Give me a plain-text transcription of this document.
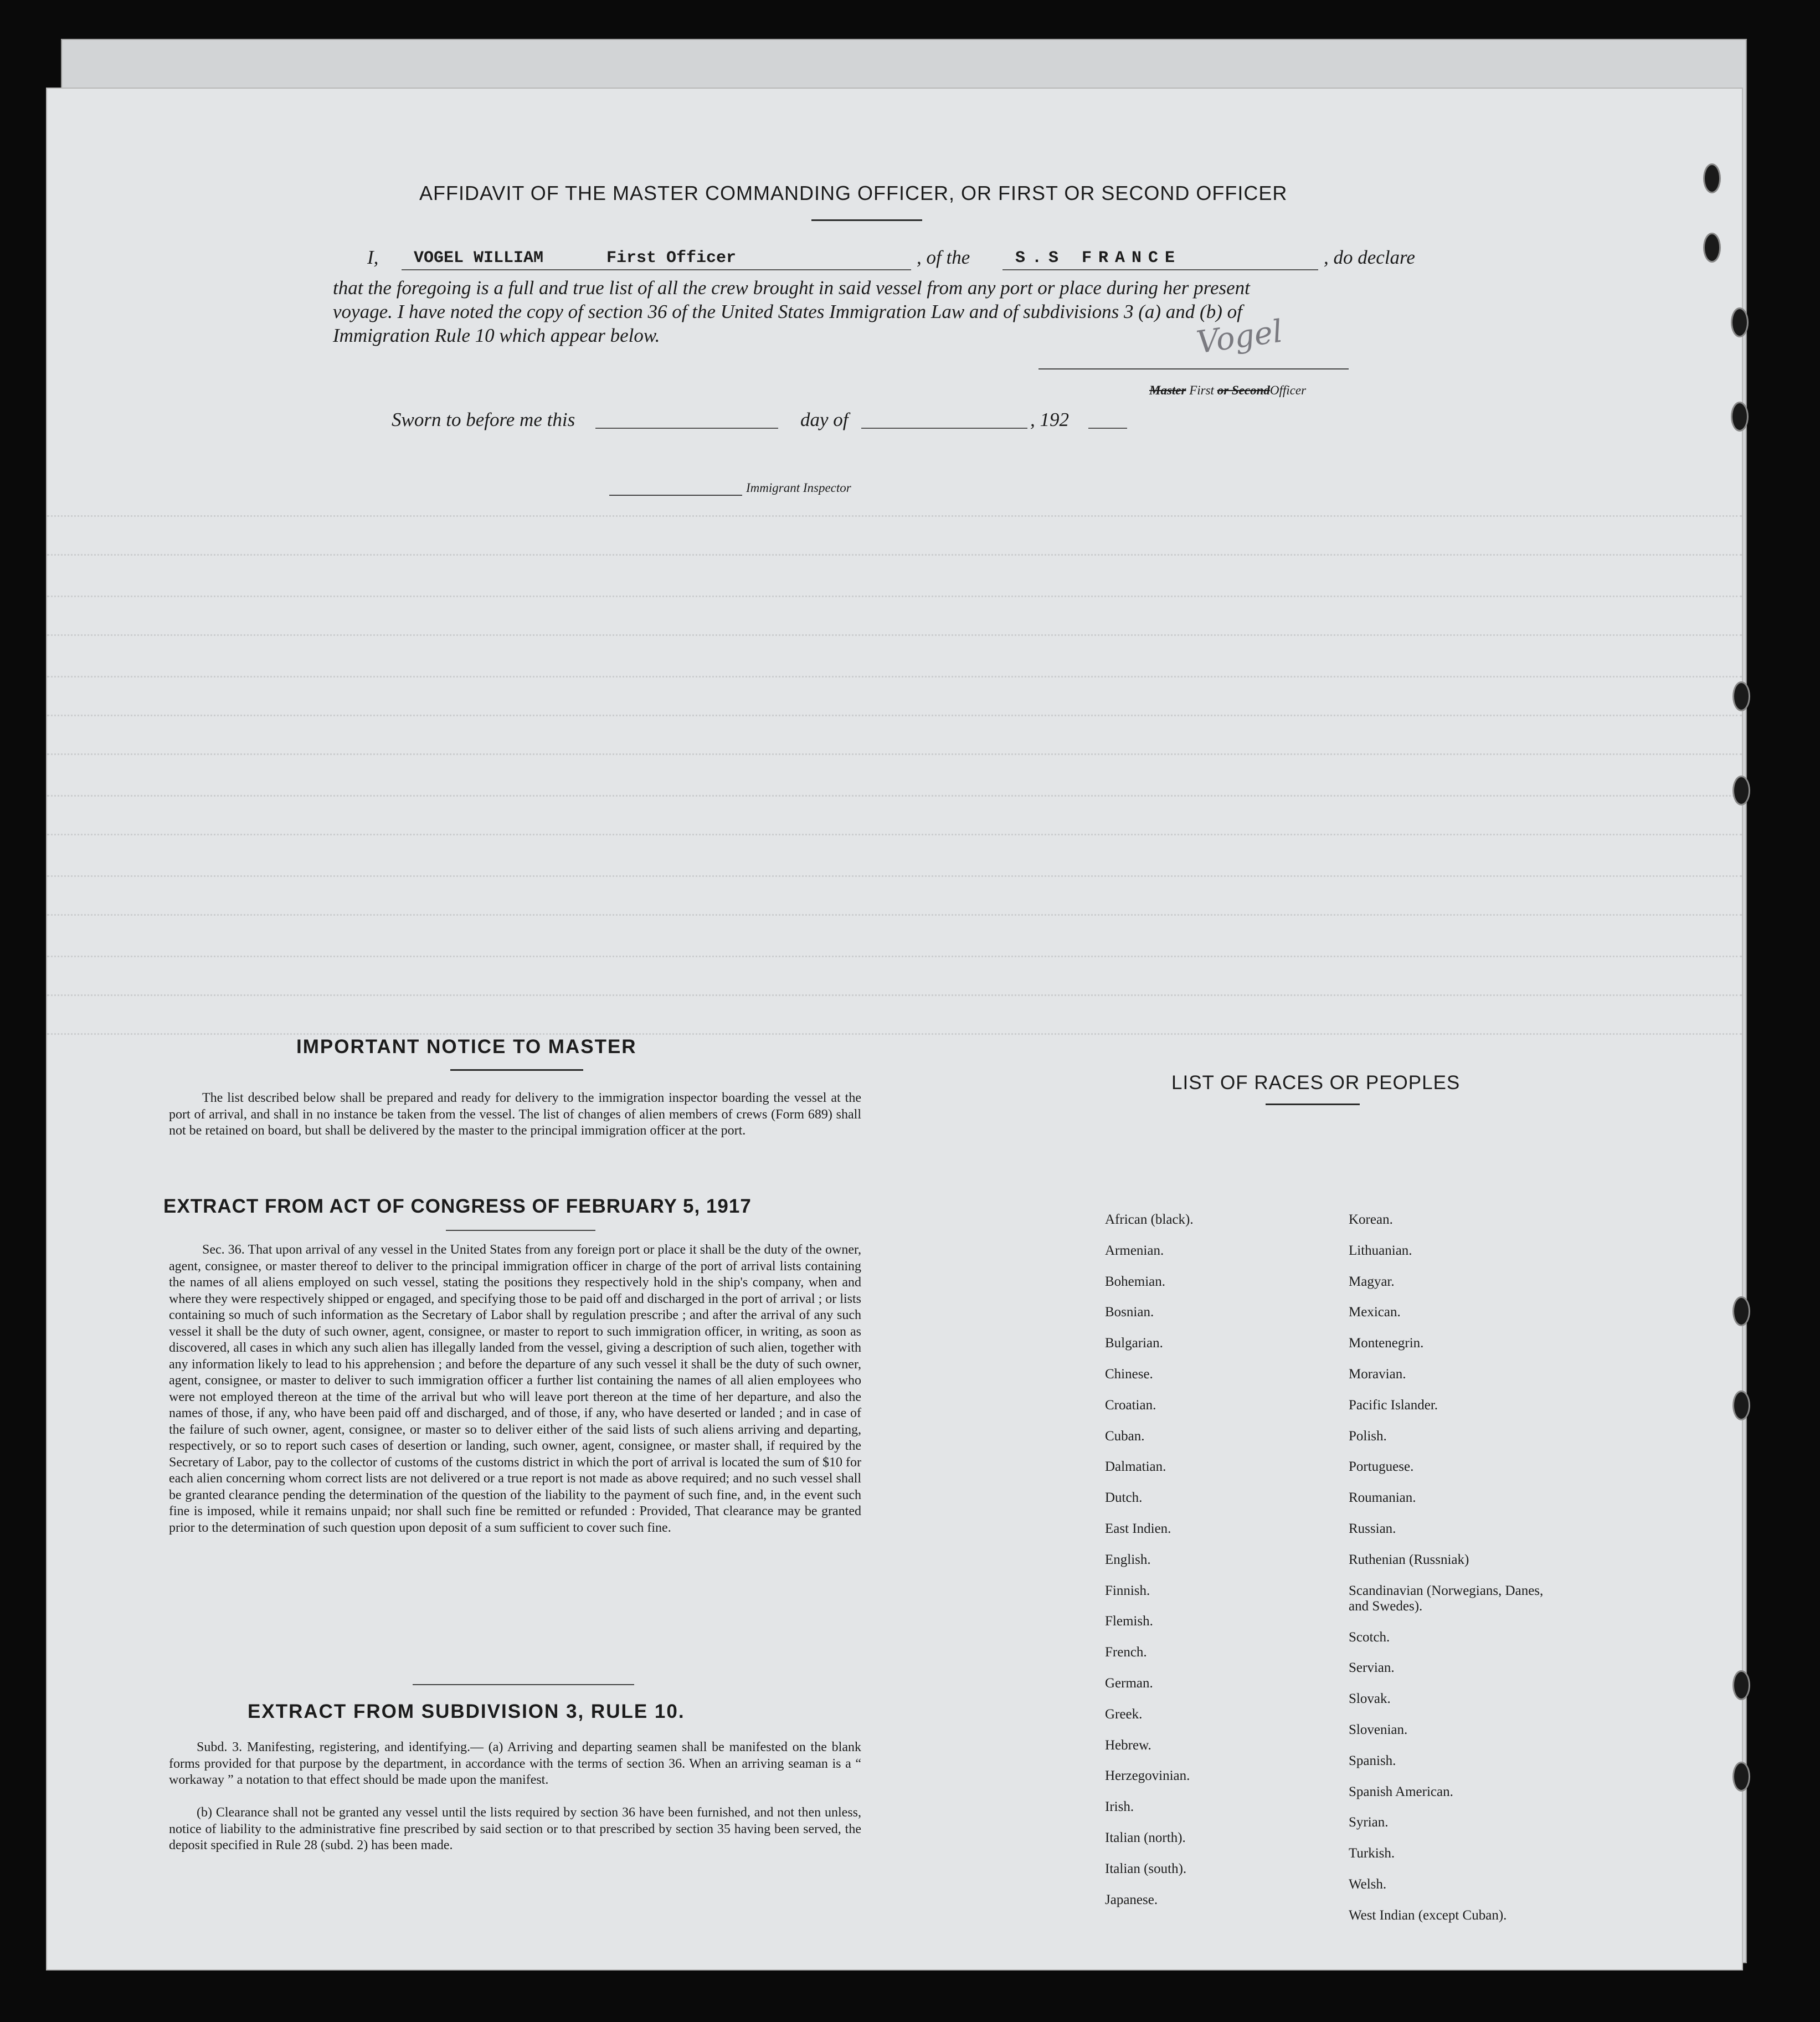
AFFIDAVIT OF THE MASTER COMMANDING OFFICER, OR FIRST OR SECOND OFFICER
I, VOGEL WILLIAM	First Officer	, of the	S.S FRANCE	, do declare
that the foregoing is a full and true list of all the crew brought in said vessel from any port or place during her present
voyage. I have noted the copy of section 36 of the United States Immigration Law and of subdivisions 3 (a) and (b) of
Immigration Rule 10 which appear below.	Vogel
Master First or SecondOfficer
Sworn to before me this	day of	, 192
Immigrant Inspector
IMPORTANT NOTICE TO MASTER
The list described below shall be prepared and ready for delivery to the immigration inspector boarding the vessel at the port of arrival, and shall in no instance be taken from the vessel. The list of changes of alien members of crews (Form 689) shall not be retained on board, but shall be delivered by the master to the principal immigration officer at the port.
EXTRACT FROM ACT OF CONGRESS OF FEBRUARY 5, 1917
Sec. 36. That upon arrival of any vessel in the United States from any foreign port or place it shall be the duty of the owner, agent, consignee, or master thereof to deliver to the principal immigration officer in charge of the port of arrival lists containing the names of all aliens employed on such vessel, stating the positions they respectively hold in the ship's company, when and where they were respectively shipped or engaged, and specifying those to be paid off and discharged in the port of arrival ; or lists containing so much of such information as the Secretary of Labor shall by regulation prescribe ; and after the arrival of any such vessel it shall be the duty of such owner, agent, consignee, or master to report to such immigration officer, in writing, as soon as discovered, all cases in which any such alien has illegally landed from the vessel, giving a description of such alien, together with any information likely to lead to his apprehension ; and before the departure of any such vessel it shall be the duty of such owner, agent, consignee, or master to deliver to such immigration officer a further list containing the names of all alien employees who were not employed thereon at the time of the arrival but who will leave port thereon at the time of her departure, and also the names of those, if any, who have been paid off and discharged, and of those, if any, who have deserted or landed ; and in case of the failure of such owner, agent, consignee, or master so to deliver either of the said lists of such aliens arriving and departing, respectively, or so to report such cases of desertion or landing, such owner, agent, consignee, or master shall, if required by the Secretary of Labor, pay to the collector of customs of the customs district in which the port of arrival is located the sum of $10 for each alien concerning whom correct lists are not delivered or a true report is not made as above required; and no such vessel shall be granted clearance pending the determination of the question of the liability to the payment of such fine, and, in the event such fine is imposed, while it remains unpaid; nor shall such fine be remitted or refunded : Provided, That clearance may be granted prior to the determination of such question upon deposit of a sum sufficient to cover such fine.
EXTRACT FROM SUBDIVISION 3, RULE 10.
Subd. 3. Manifesting, registering, and identifying.— (a) Arriving and departing seamen shall be manifested on the blank forms provided for that purpose by the department, in accordance with the terms of section 36. When an arriving seaman is a “ workaway ” a notation to that effect should be made upon the manifest.
(b) Clearance shall not be granted any vessel until the lists required by section 36 have been furnished, and not then unless, notice of liability to the administrative fine prescribed by said section or to that prescribed by section 35 having been served, the deposit specified in Rule 28 (subd. 2) has been made.
LIST OF RACES OR PEOPLES
African (black).
Armenian.
Bohemian.
Bosnian.
Bulgarian.
Chinese.
Croatian.
Cuban.
Dalmatian.
Dutch.
East Indien.
English.
Finnish.
Flemish.
French.
German.
Greek.
Hebrew.
Herzegovinian.
Irish.
Italian (north).
Italian (south).
Japanese.
Korean.
Lithuanian.
Magyar.
Mexican.
Montenegrin.
Moravian.
Pacific Islander.
Polish.
Portuguese.
Roumanian.
Russian.
Ruthenian (Russniak)
Scandinavian (Norwegians, Danes, and Swedes).
Scotch.
Servian.
Slovak.
Slovenian.
Spanish.
Spanish American.
Syrian.
Turkish.
Welsh.
West Indian (except Cuban).
